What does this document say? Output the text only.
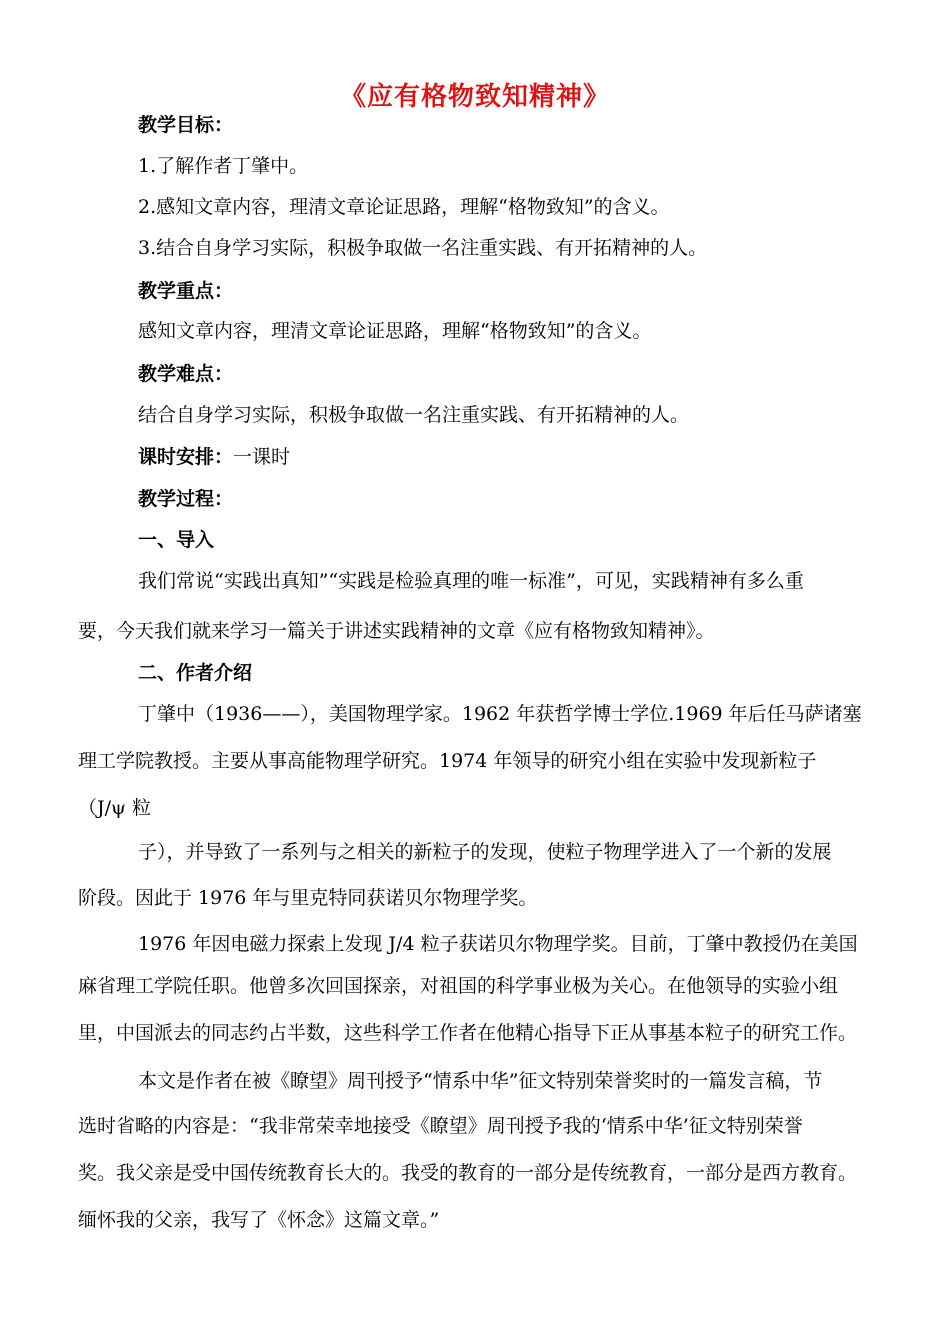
《应有格物致知精神》
教学目标：
1.了解作者丁肇中。
2.感知文章内容，理清文章论证思路，理解“格物致知”的含义。
3.结合自身学习实际，积极争取做一名注重实践、有开拓精神的人。
教学重点：
感知文章内容，理清文章论证思路，理解“格物致知”的含义。
教学难点：
结合自身学习实际，积极争取做一名注重实践、有开拓精神的人。
课时安排：一课时
教学过程：
一、导入
我们常说“实践出真知”“实践是检验真理的唯一标准”，可见，实践精神有多么重
要，今天我们就来学习一篇关于讲述实践精神的文章《应有格物致知精神》。
二、作者介绍
丁肇中（1936——），美国物理学家。1962 年获哲学博士学位.1969 年后任马萨诸塞
理工学院教授。主要从事高能物理学研究。1974 年领导的研究小组在实验中发现新粒子
（J/ψ 粒
子），并导致了一系列与之相关的新粒子的发现，使粒子物理学进入了一个新的发展
阶段。因此于 1976 年与里克特同获诺贝尔物理学奖。
1976 年因电磁力探索上发现 J/4 粒子获诺贝尔物理学奖。目前，丁肇中教授仍在美国
麻省理工学院任职。他曾多次回国探亲，对祖国的科学事业极为关心。在他领导的实验小组
里，中国派去的同志约占半数，这些科学工作者在他精心指导下正从事基本粒子的研究工作。
本文是作者在被《瞭望》周刊授予“情系中华”征文特别荣誉奖时的一篇发言稿，节
选时省略的内容是：“我非常荣幸地接受《瞭望》周刊授予我的‘情系中华’征文特别荣誉
奖。我父亲是受中国传统教育长大的。我受的教育的一部分是传统教育，一部分是西方教育。
缅怀我的父亲，我写了《怀念》这篇文章。”
